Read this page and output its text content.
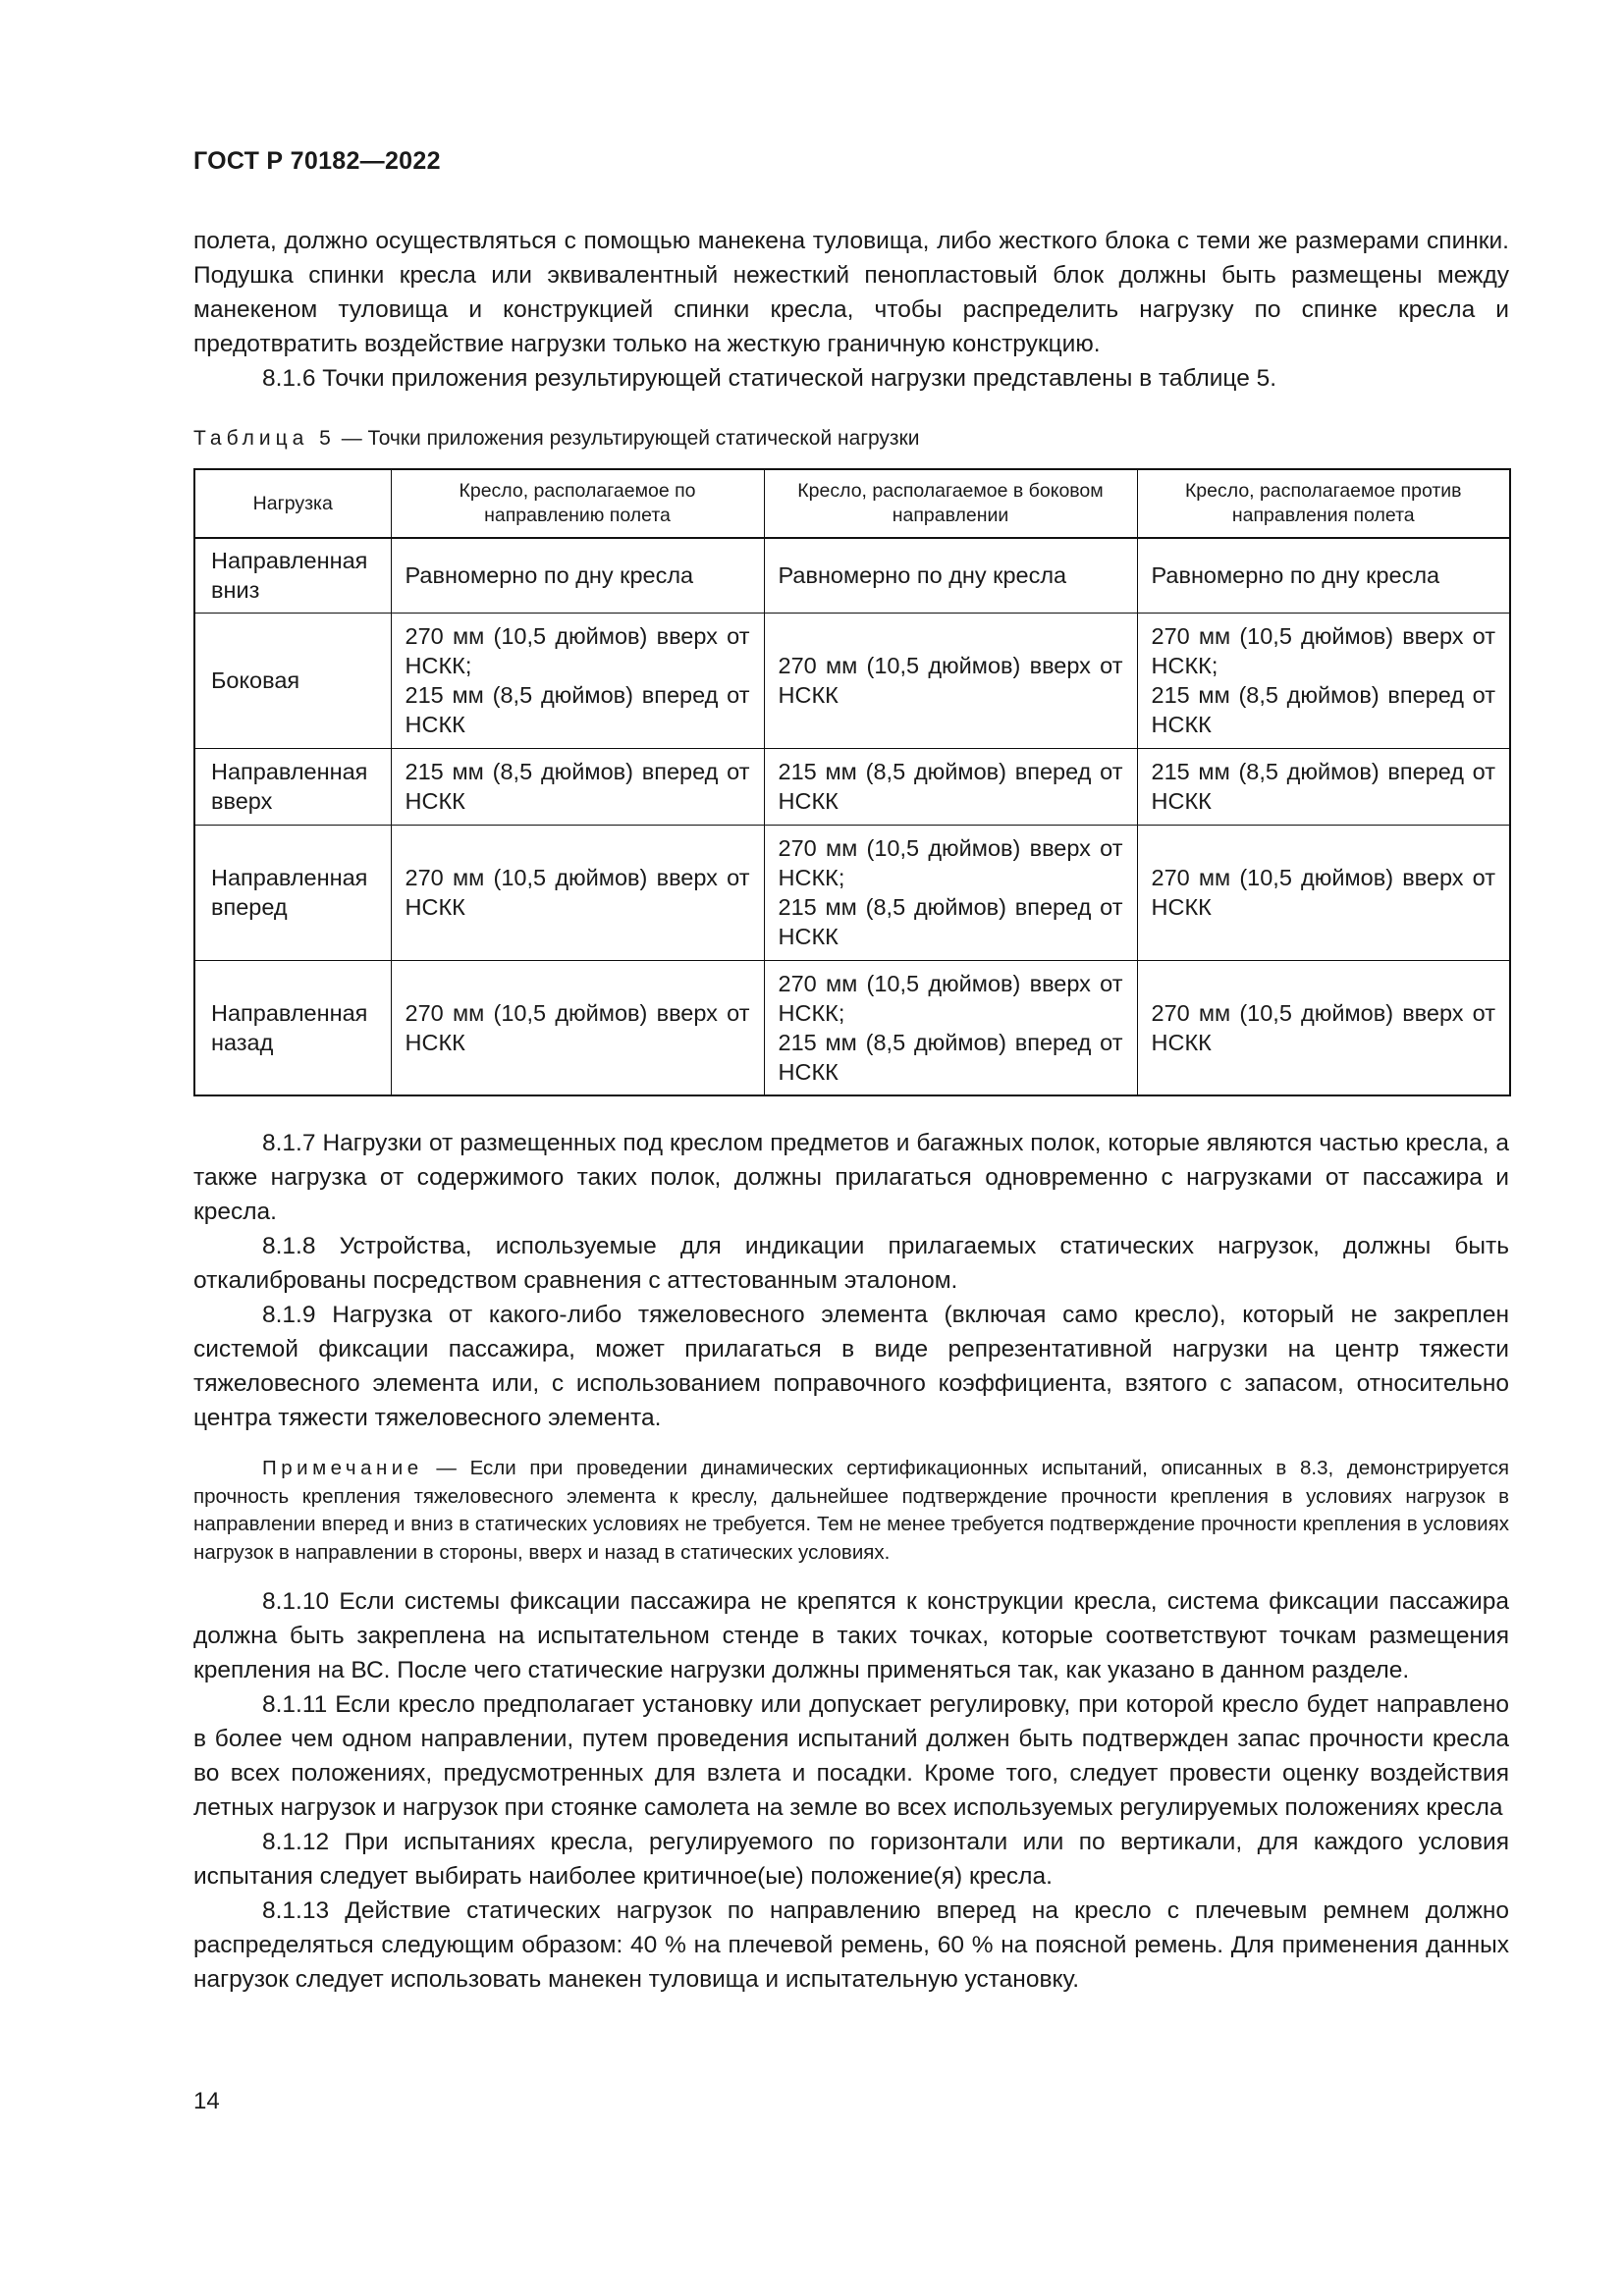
ГОСТ Р 70182—2022

полета, должно осуществляться с помощью манекена туловища, либо жесткого блока с теми же размерами спинки. Подушка спинки кресла или эквивалентный нежесткий пенопластовый блок должны быть размещены между манекеном туловища и конструкцией спинки кресла, чтобы распределить нагрузку по спинке кресла и предотвратить воздействие нагрузки только на жесткую граничную конструкцию.

8.1.6 Точки приложения результирующей статической нагрузки представлены в таблице 5.

Таблица 5 — Точки приложения результирующей статической нагрузки
Нагрузка	Кресло, располагаемое по направлению полета	Кресло, располагаемое в боковом направлении	Кресло, располагаемое против направления полета
Направленная вниз	Равномерно по дну кресла	Равномерно по дну кресла	Равномерно по дну кресла
Боковая	270 мм (10,5 дюймов) вверх от НСКК;
215 мм (8,5 дюймов) вперед от НСКК	270 мм (10,5 дюймов) вверх от НСКК	270 мм (10,5 дюймов) вверх от НСКК;
215 мм (8,5 дюймов) вперед от НСКК
Направленная вверх	215 мм (8,5 дюймов) вперед от НСКК	215 мм (8,5 дюймов) вперед от НСКК	215 мм (8,5 дюймов) вперед от НСКК
Направленная вперед	270 мм (10,5 дюймов) вверх от НСКК	270 мм (10,5 дюймов) вверх от НСКК;
215 мм (8,5 дюймов) вперед от НСКК	270 мм (10,5 дюймов) вверх от НСКК
Направленная назад	270 мм (10,5 дюймов) вверх от НСКК	270 мм (10,5 дюймов) вверх от НСКК;
215 мм (8,5 дюймов) вперед от НСКК	270 мм (10,5 дюймов) вверх от НСКК

8.1.7 Нагрузки от размещенных под креслом предметов и багажных полок, которые являются частью кресла, а также нагрузка от содержимого таких полок, должны прилагаться одновременно с нагрузками от пассажира и кресла.

8.1.8 Устройства, используемые для индикации прилагаемых статических нагрузок, должны быть откалиброваны посредством сравнения с аттестованным эталоном.

8.1.9 Нагрузка от какого-либо тяжеловесного элемента (включая само кресло), который не закреплен системой фиксации пассажира, может прилагаться в виде репрезентативной нагрузки на центр тяжести тяжеловесного элемента или, с использованием поправочного коэффициента, взятого с запасом, относительно центра тяжести тяжеловесного элемента.

Примечание — Если при проведении динамических сертификационных испытаний, описанных в 8.3, демонстрируется прочность крепления тяжеловесного элемента к креслу, дальнейшее подтверждение прочности крепления в условиях нагрузок в направлении вперед и вниз в статических условиях не требуется. Тем не менее требуется подтверждение прочности крепления в условиях нагрузок в направлении в стороны, вверх и назад в статических условиях.

8.1.10 Если системы фиксации пассажира не крепятся к конструкции кресла, система фиксации пассажира должна быть закреплена на испытательном стенде в таких точках, которые соответствуют точкам размещения крепления на ВС. После чего статические нагрузки должны применяться так, как указано в данном разделе.

8.1.11 Если кресло предполагает установку или допускает регулировку, при которой кресло будет направлено в более чем одном направлении, путем проведения испытаний должен быть подтвержден запас прочности кресла во всех положениях, предусмотренных для взлета и посадки. Кроме того, следует провести оценку воздействия летных нагрузок и нагрузок при стоянке самолета на земле во всех используемых регулируемых положениях кресла

8.1.12 При испытаниях кресла, регулируемого по горизонтали или по вертикали, для каждого условия испытания следует выбирать наиболее критичное(ые) положение(я) кресла.

8.1.13 Действие статических нагрузок по направлению вперед на кресло с плечевым ремнем должно распределяться следующим образом: 40 % на плечевой ремень, 60 % на поясной ремень. Для применения данных нагрузок следует использовать манекен туловища и испытательную установку.

14
